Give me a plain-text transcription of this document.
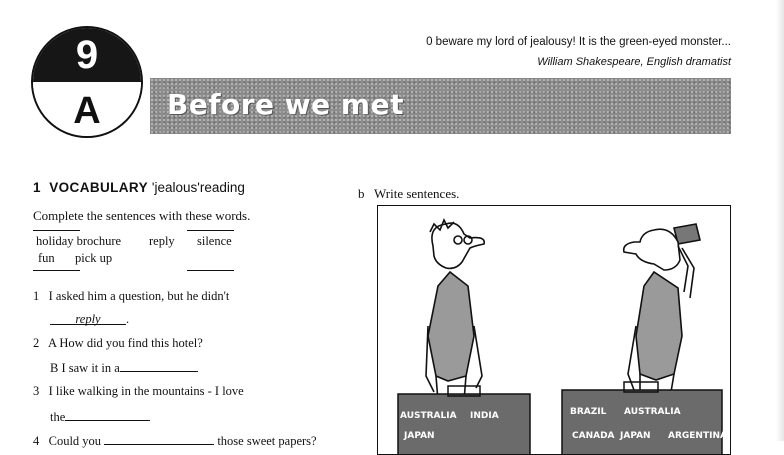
9
A	Before we met
0 beware my lord of jealousy! It is the green-eyed monster...
William Shakespeare, English dramatist
1 VOCABULARY 'jealous'reading
Complete the sentences with these words.
holiday brochure reply silence
fun pick up
1 I asked him a question, but he didn't
reply .
2 A How did you find this hotel?
B I saw it in a
3 I like walking in the mountains - I love
the
4 Could you	those sweet papers?
b Write sentences.
AUSTRALIA INDIA
JAPAN
BRAZIL AUSTRALIA
CANADA JAPAN ARGENTINA
